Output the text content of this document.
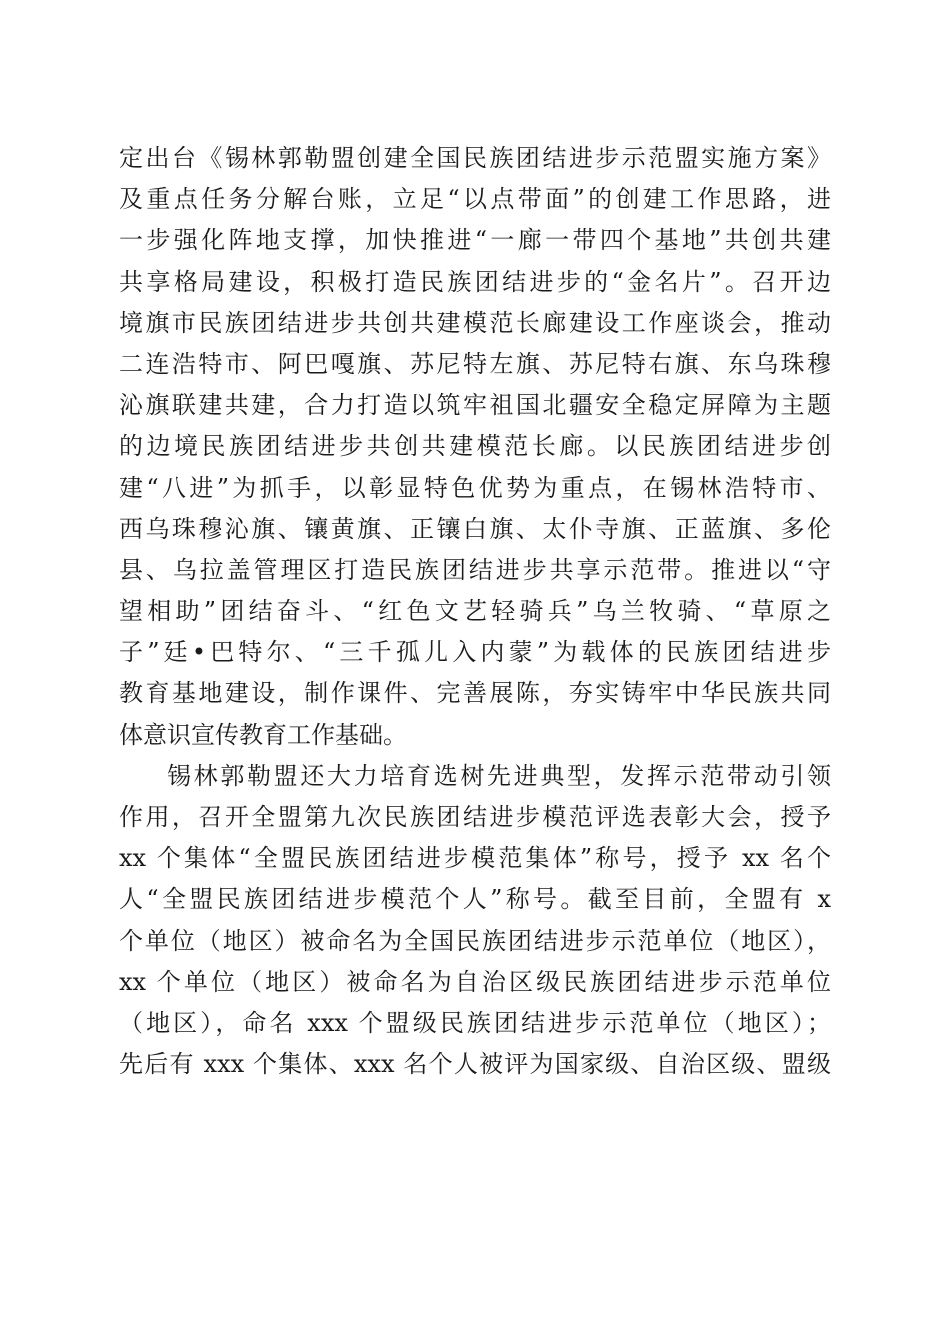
定出台《锡林郭勒盟创建全国民族团结进步示范盟实施方案》
及重点任务分解台账，立足“以点带面”的创建工作思路，进
一步强化阵地支撑，加快推进“一廊一带四个基地”共创共建
共享格局建设，积极打造民族团结进步的“金名片”。召开边
境旗市民族团结进步共创共建模范长廊建设工作座谈会，推动
二连浩特市、阿巴嘎旗、苏尼特左旗、苏尼特右旗、东乌珠穆
沁旗联建共建，合力打造以筑牢祖国北疆安全稳定屏障为主题
的边境民族团结进步共创共建模范长廊。以民族团结进步创
建“八进”为抓手，以彰显特色优势为重点，在锡林浩特市、
西乌珠穆沁旗、镶黄旗、正镶白旗、太仆寺旗、正蓝旗、多伦
县、乌拉盖管理区打造民族团结进步共享示范带。推进以“守
望相助”团结奋斗、“红色文艺轻骑兵”乌兰牧骑、“草原之
子”廷•巴特尔、“三千孤儿入内蒙”为载体的民族团结进步
教育基地建设，制作课件、完善展陈，夯实铸牢中华民族共同
体意识宣传教育工作基础。
锡林郭勒盟还大力培育选树先进典型，发挥示范带动引领
作用，召开全盟第九次民族团结进步模范评选表彰大会，授予
xx 个集体“全盟民族团结进步模范集体”称号，授予 xx 名个
人“全盟民族团结进步模范个人”称号。截至目前，全盟有 x
个单位（地区）被命名为全国民族团结进步示范单位（地区），
xx 个单位（地区）被命名为自治区级民族团结进步示范单位
（地区），命名 xxx 个盟级民族团结进步示范单位（地区）；
先后有 xxx 个集体、xxx 名个人被评为国家级、自治区级、盟级
